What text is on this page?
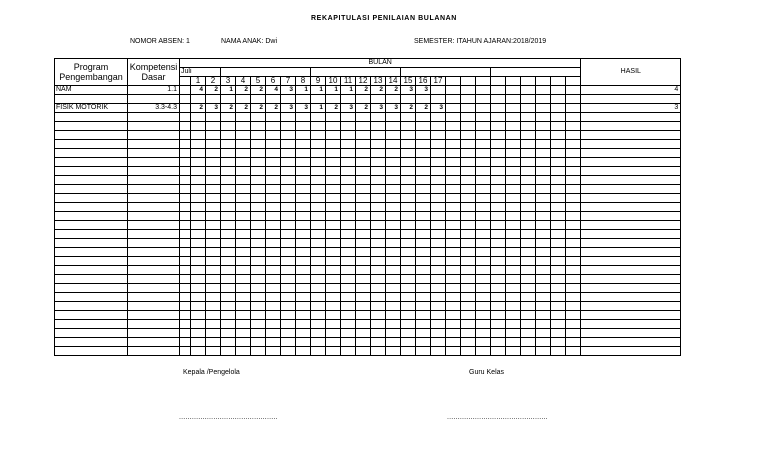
REKAPITULASI PENILAIAN BULANAN
NOMOR ABSEN: 1	NAMA ANAK: Dwi	SEMESTER: ITAHUN AJARAN:2018/2019
Program Pengembangan	Kompetensi Dasar	BULAN																											HASIL
		Juli																											
			1	2	3	4	5	6	7	8	9	10	11	12	13	14	15	16	17										
NAM	1.1		4	2	1	2	2	4	3	1	1	1	1	2	2	2	3	3											4

FISIK MOTORIK	3.3-4.3		2	3	2	2	2	2	3	3	1	2	3	2	3	3	2	2	3										3

Kepala /Pengelola	Guru Kelas
..............................................	...............................................
